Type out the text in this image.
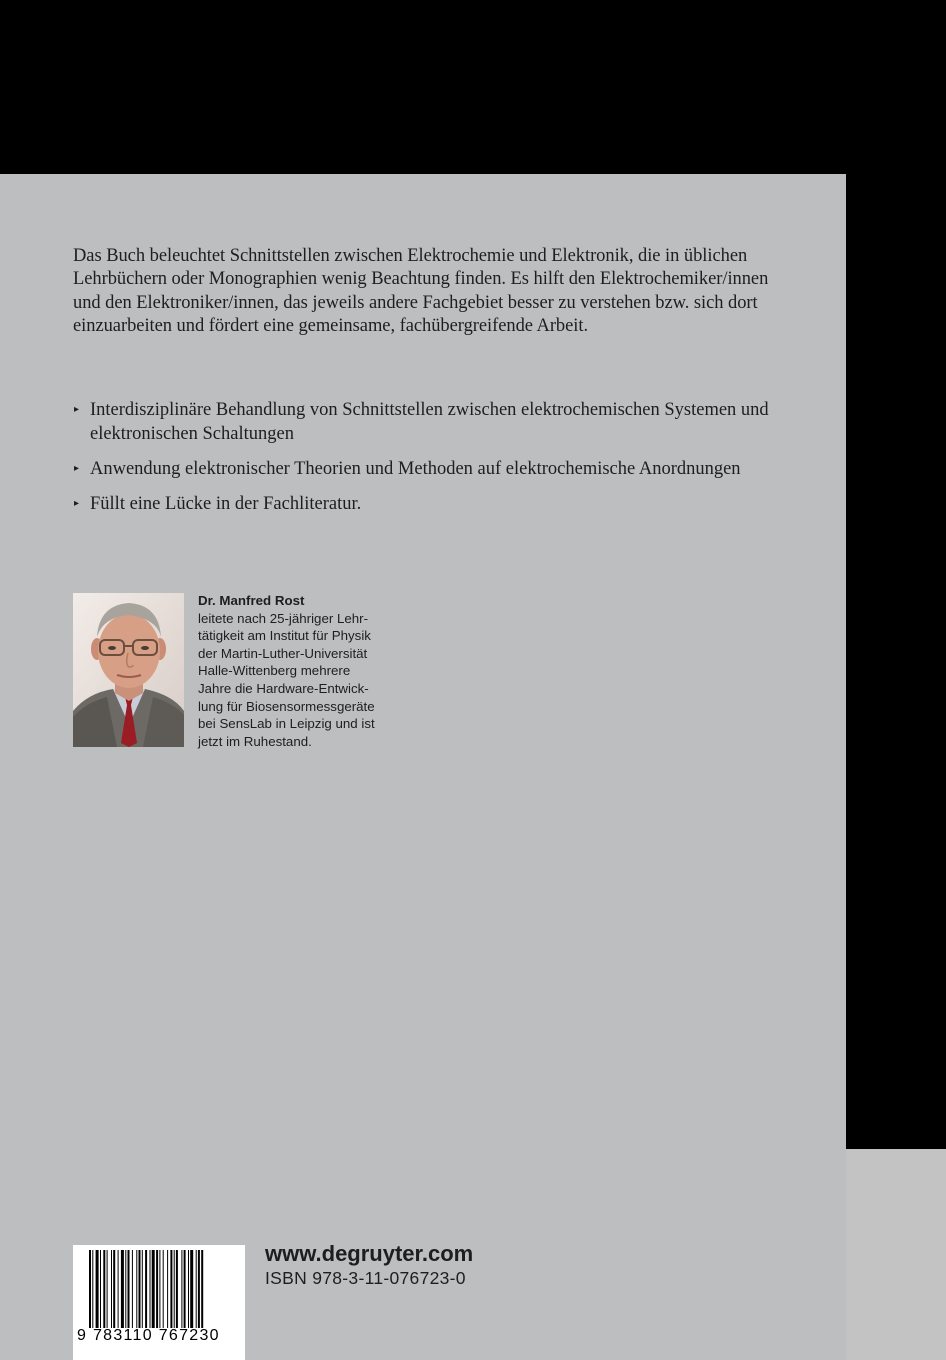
Das Buch beleuchtet Schnittstellen zwischen Elektrochemie und Elektronik, die in üblichen Lehrbüchern oder Monographien wenig Beachtung finden. Es hilft den Elektrochemiker/innen und den Elektroniker/innen, das jeweils andere Fachgebiet besser zu verstehen bzw. sich dort einzuarbeiten und fördert eine gemeinsame, fachübergreifende Arbeit.

▸ Interdisziplinäre Behandlung von Schnittstellen zwischen elektrochemischen Systemen und elektronischen Schaltungen
▸ Anwendung elektronischer Theorien und Methoden auf elektrochemische Anordnungen
▸ Füllt eine Lücke in der Fachliteratur.
Dr. Manfred Rost
leitete nach 25-jähriger Lehr-
tätigkeit am Institut für Physik
der Martin-Luther-Universität
Halle-Wittenberg mehrere
Jahre die Hardware-Entwick-
lung für Biosensormessgeräte
bei SensLab in Leipzig und ist
jetzt im Ruhestand.
9 783110 767230
www.degruyter.com
ISBN 978-3-11-076723-0
